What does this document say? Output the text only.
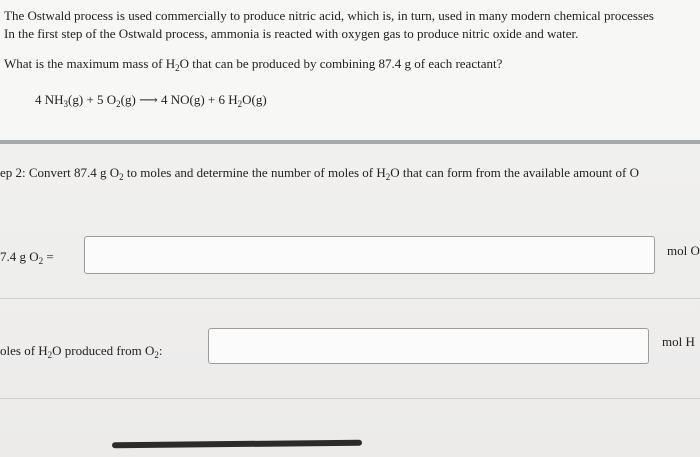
The Ostwald process is used commercially to produce nitric acid, which is, in turn, used in many modern chemical processes
In the first step of the Ostwald process, ammonia is reacted with oxygen gas to produce nitric oxide and water.
What is the maximum mass of $H_2O$ that can be produced by combining 87.4 g of each reactant?
4 $NH_3(g) + 5$ $O_2(g)$ ⟶ 4 NO(g) + 6 $H_2O(g)$
ep 2: Convert 87.4 g $O_2$ to moles and determine the number of moles of $H_2O$ that can form from the available amount of O
7.4 g $O_2$ =	mol O
oles of $H_2O$ produced from $O_2$:
mol H
